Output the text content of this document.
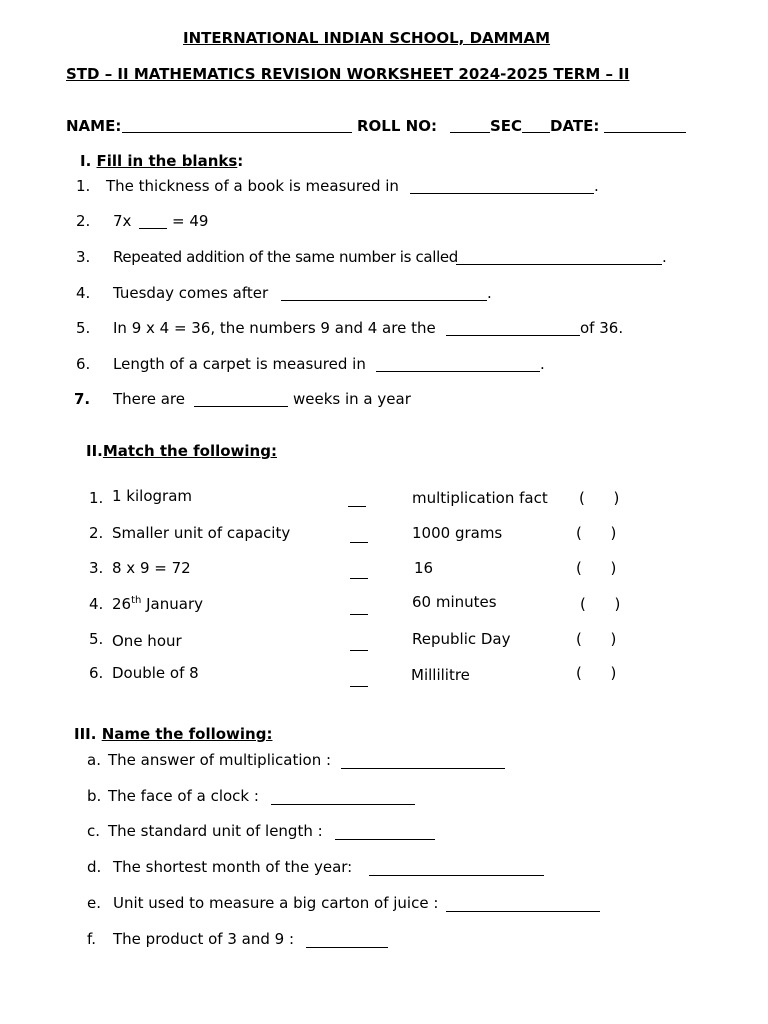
INTERNATIONAL INDIAN SCHOOL, DAMMAM
STD – II MATHEMATICS REVISION WORKSHEET 2024-2025 TERM – II
NAME:	ROLL NO:	SEC DATE:
I. Fill in the blanks:
1. The thickness of a book is measured in	.
2. 7x	= 49
3. Repeated addition of the same number is called	.
4. Tuesday comes after	.
5. In 9 x 4 = 36, the numbers 9 and 4 are the	of 36.
6. Length of a carpet is measured in	.
7. There are	weeks in a year
II.Match the following:
1. 1 kilogram	multiplication fact (      )
2. Smaller unit of capacity	1000 grams	(      )
3. 8 x 9 = 72	16	(      )
4. 26th January	60 minutes	(      )
5. One hour	Republic Day	(      )
6. Double of 8	Millilitre	(      )
III. Name the following:
a. The answer of multiplication :
b. The face of a clock :
c. The standard unit of length :
d. The shortest month of the year:
e. Unit used to measure a big carton of juice :
f. The product of 3 and 9 :
